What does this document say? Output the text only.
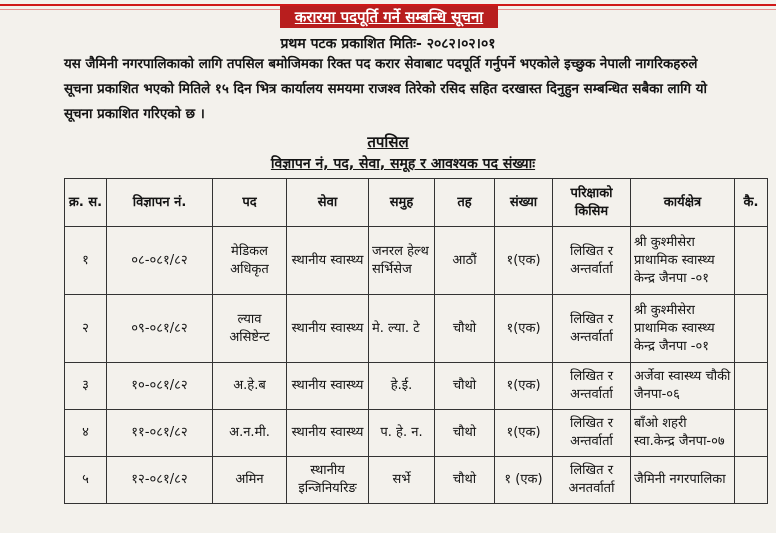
करारमा पदपूर्ति गर्ने सम्बन्धि सूचना
प्रथम पटक प्रकाशित मितिः- २०८२।०२।०१
यस जैमिनी नगरपालिकाको लागि तपसिल बमोजिमका रिक्त पद करार सेवाबाट पदपूर्ति गर्नुपर्ने भएकोले इच्छुक नेपाली नागरिकहरुले सूचना प्रकाशित भएको मितिले १५ दिन भित्र कार्यालय समयमा राजश्व तिरेको रसिद सहित दरखास्त दिनुहुन सम्बन्धित सबैका लागि यो सूचना प्रकाशित गरिएको छ ।
तपसिल
विज्ञापन नं, पद, सेवा, समूह र आवश्यक पद संख्याः
क्र. स.	विज्ञापन नं.	पद	सेवा	समुह	तह	संख्या	परिक्षाको किसिम	कार्यक्षेत्र	कै.
१	०८-०८१/८२	मेडिकल अधिकृत	स्थानीय स्वास्थ्य	जनरल हेल्थ सर्भिसेज	आठौं	१(एक)	लिखित र अन्तर्वार्ता	श्री कुश्मीसेरा प्राथामिक स्वास्थ्य केन्द्र जैनपा -०१	
२	०९-०८१/८२	ल्याव असिष्टेन्ट	स्थानीय स्वास्थ्य	मे. ल्या. टे	चौथो	१(एक)	लिखित र अन्तर्वार्ता	श्री कुश्मीसेरा प्राथामिक स्वास्थ्य केन्द्र जैनपा -०१	
३	१०-०८१/८२	अ.हे.ब	स्थानीय स्वास्थ्य	हे.ई.	चौथो	१(एक)	लिखित र अन्तर्वार्ता	अर्जेवा स्वास्थ्य चौकी जैनपा-०६	
४	११-०८१/८२	अ.न.मी.	स्थानीय स्वास्थ्य	प. हे. न.	चौथो	१(एक)	लिखित र अन्तर्वार्ता	बाँओ शहरी स्वा.केन्द्र जैनपा-०७	
५	१२-०८१/८२	अमिन	स्थानीय इन्जिनियरिङ	सर्भे	चौथो	१ (एक)	लिखित र अनतर्वार्ता	जैमिनी नगरपालिका	
